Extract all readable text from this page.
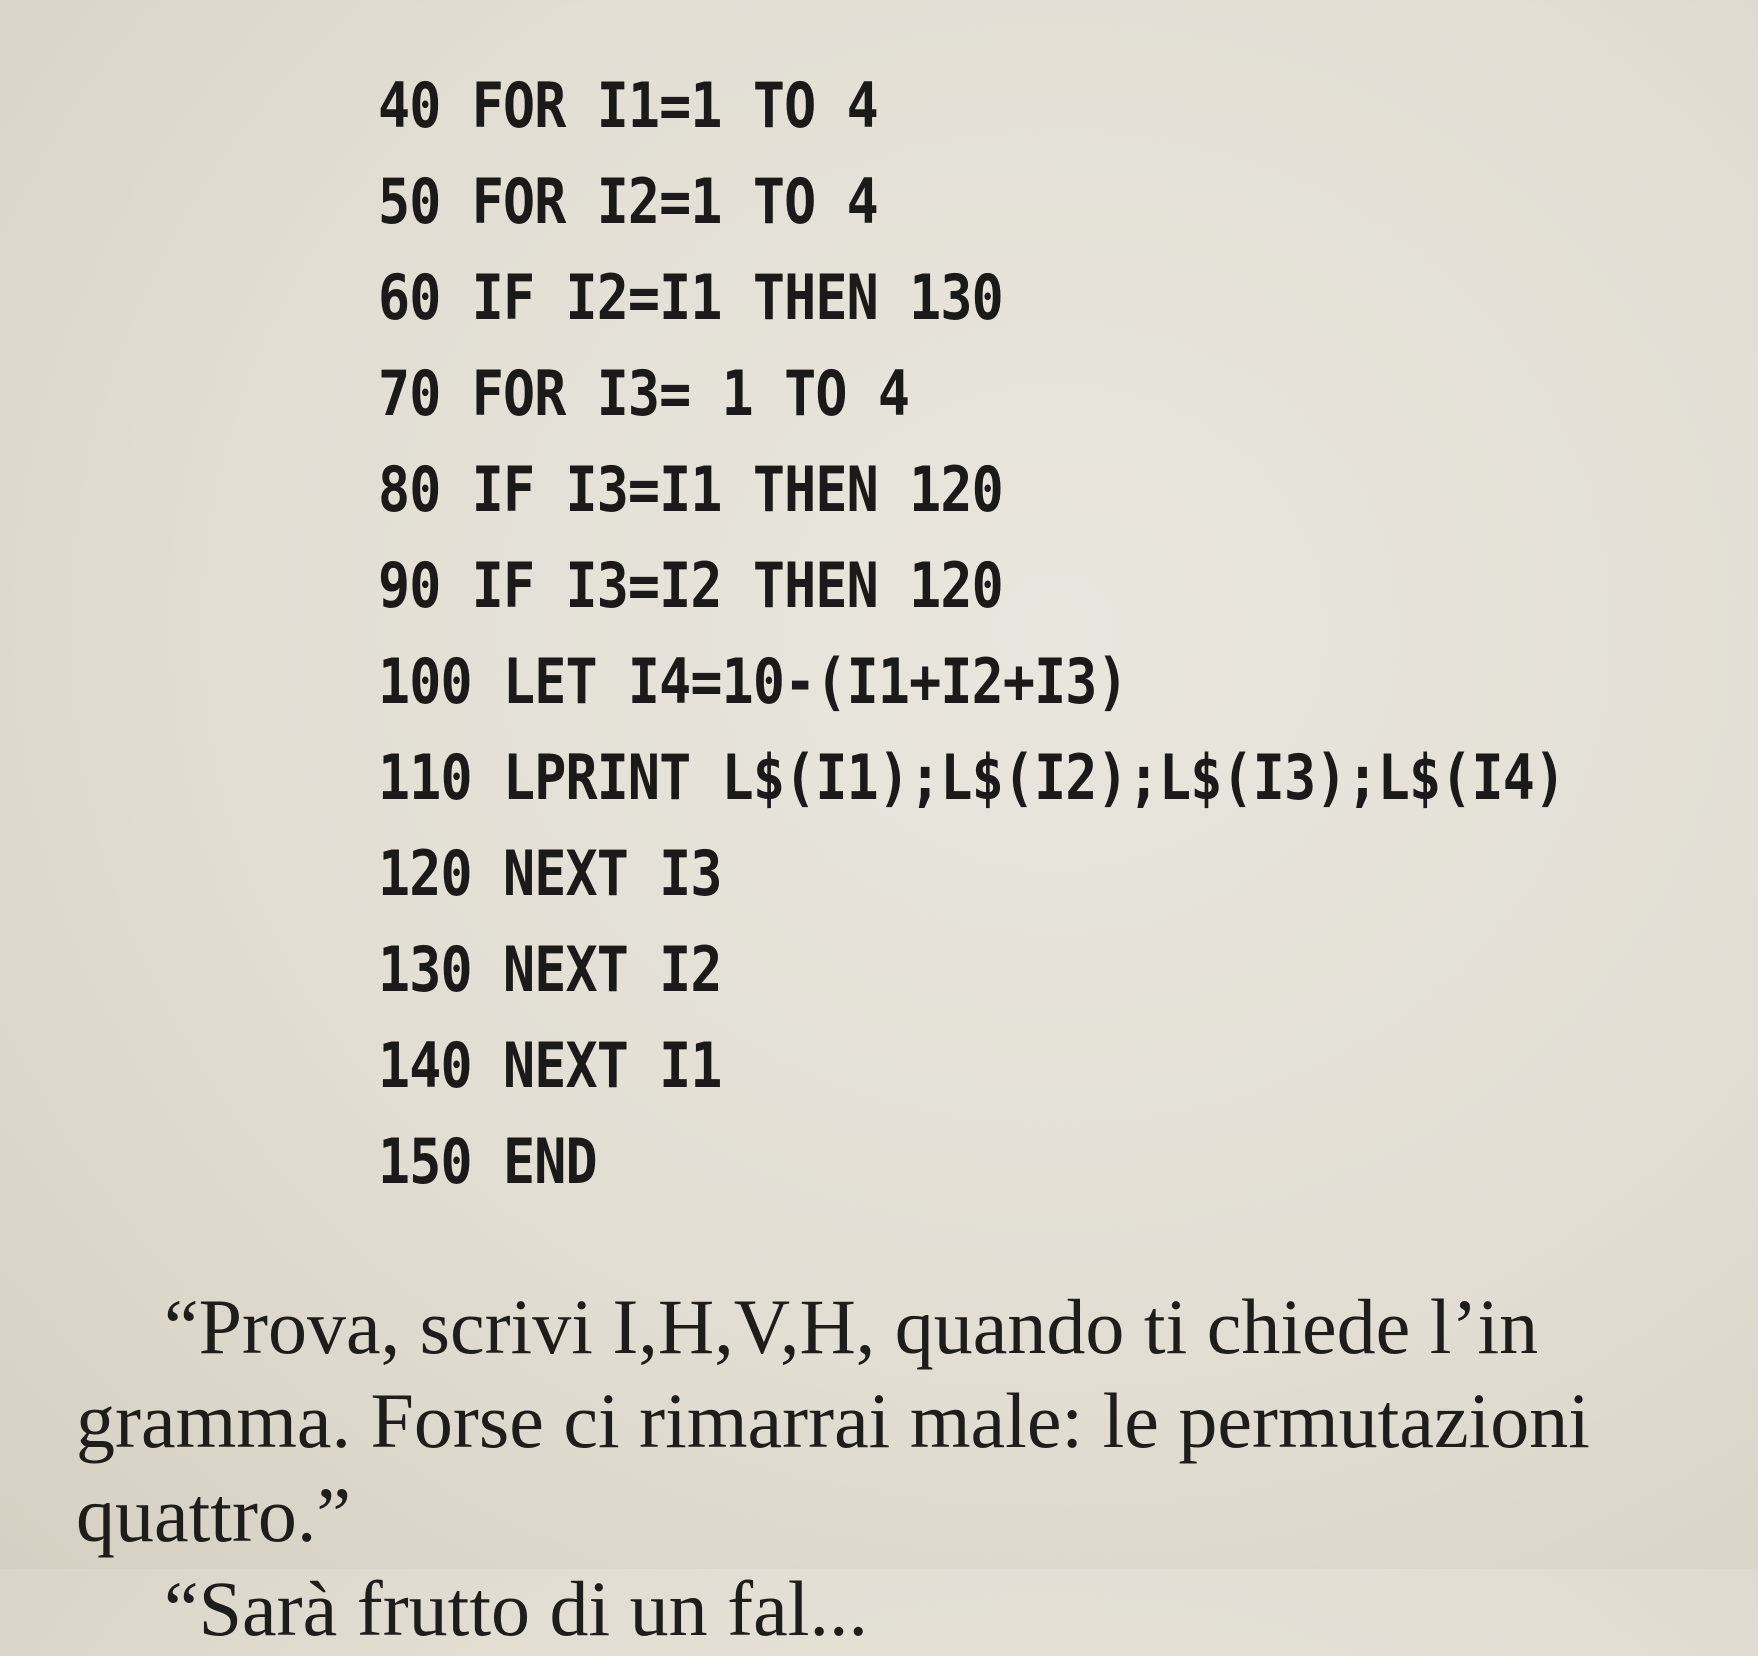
40 FOR I1=1 TO 4
50 FOR I2=1 TO 4
60 IF I2=I1 THEN 130
70 FOR I3= 1 TO 4
80 IF I3=I1 THEN 120
90 IF I3=I2 THEN 120
100 LET I4=10-(I1+I2+I3)
110 LPRINT L$(I1);L$(I2);L$(I3);L$(I4)
120 NEXT I3
130 NEXT I2
140 NEXT I1
150 END

“Prova, scrivi I,H,V,H, quando ti chiede l’in

gramma. Forse ci rimarrai male: le permutazioni

quattro.”

“Sarà frutto di un fal...
